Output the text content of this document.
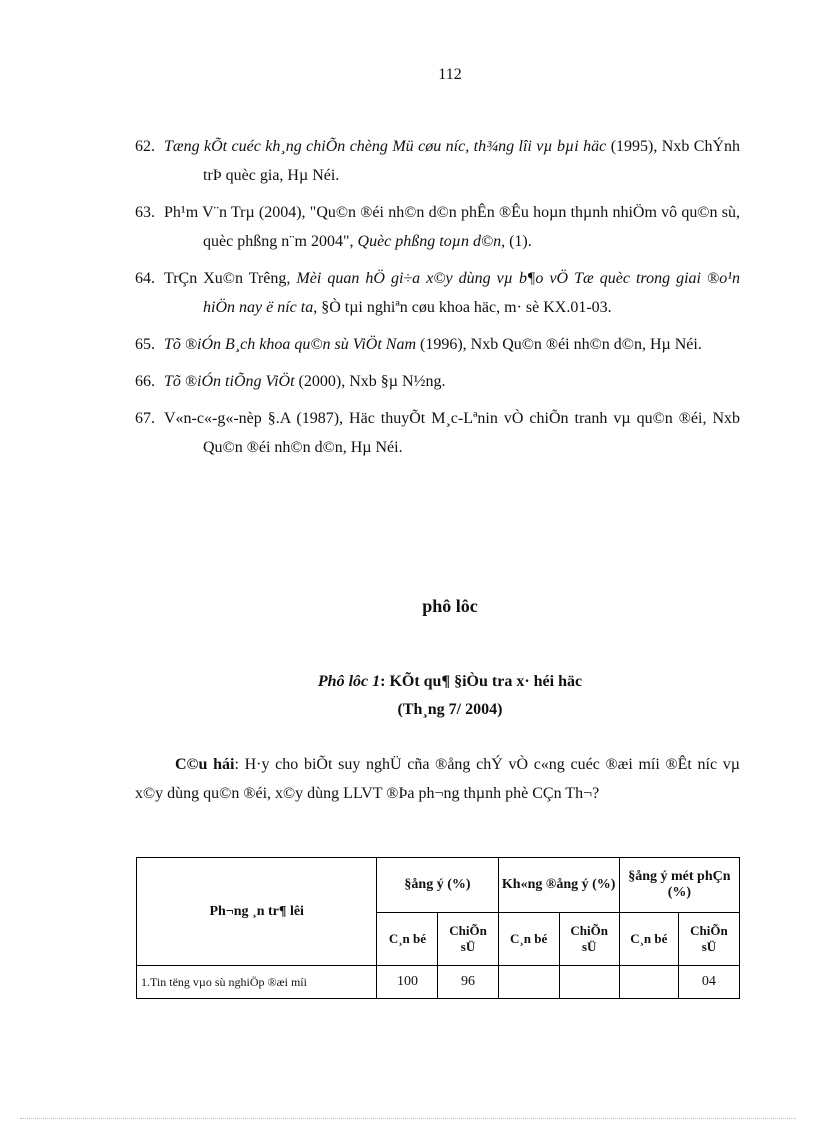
112
62. Tæng kÕt cuéc kh¸ng chiÕn chèng Mü cøu níc, th¾ng lîi vµ bµi häc (1995), Nxb ChÝnh trÞ quèc gia, Hµ Néi.
63. Ph¹m V¨n Trµ (2004), "Qu©n ®éi nh©n d©n phÊn ®Êu hoµn thµnh nhiÖm vô qu©n sù, quèc phßng n¨m 2004", Quèc phßng toµn d©n, (1).
64. TrÇn Xu©n Trêng, Mèi quan hÖ gi÷a x©y dùng vµ b¶o vÖ Tæ quèc trong giai ®o¹n hiÖn nay ë níc ta, §Ò tµi nghiªn cøu khoa häc, m· sè KX.01-03.
65. Tõ ®iÓn B¸ch khoa qu©n sù ViÖt Nam (1996), Nxb Qu©n ®éi nh©n d©n, Hµ Néi.
66. Tõ ®iÓn tiÕng ViÖt (2000), Nxb §µ N½ng.
67. V«n-c«-g«-nèp §.A (1987), Häc thuyÕt M¸c-Lªnin vÒ chiÕn tranh vµ qu©n ®éi, Nxb Qu©n ®éi nh©n d©n, Hµ Néi.
phô lôc
Phô lôc 1: KÕt qu¶ §iÒu tra x· héi häc
(Th¸ng 7/ 2004)
C©u hái: H·y cho biÕt suy nghÜ cña ®ång chÝ vÒ c«ng cuéc ®æi míi ®Êt níc vµ x©y dùng qu©n ®éi, x©y dùng LLVT ®Þa ph¬ng thµnh phè CÇn Th¬?
Ph¬ng ¸n tr¶ lêi	§ång ý (%)		Kh«ng ®ång ý (%)		§ång ý mét phÇn (%)	
	C¸n bé	ChiÕn sÜ	C¸n bé	ChiÕn sÜ	C¸n bé	ChiÕn sÜ
1.Tin tëng vµo sù nghiÖp ®æi míi	100	96				04
